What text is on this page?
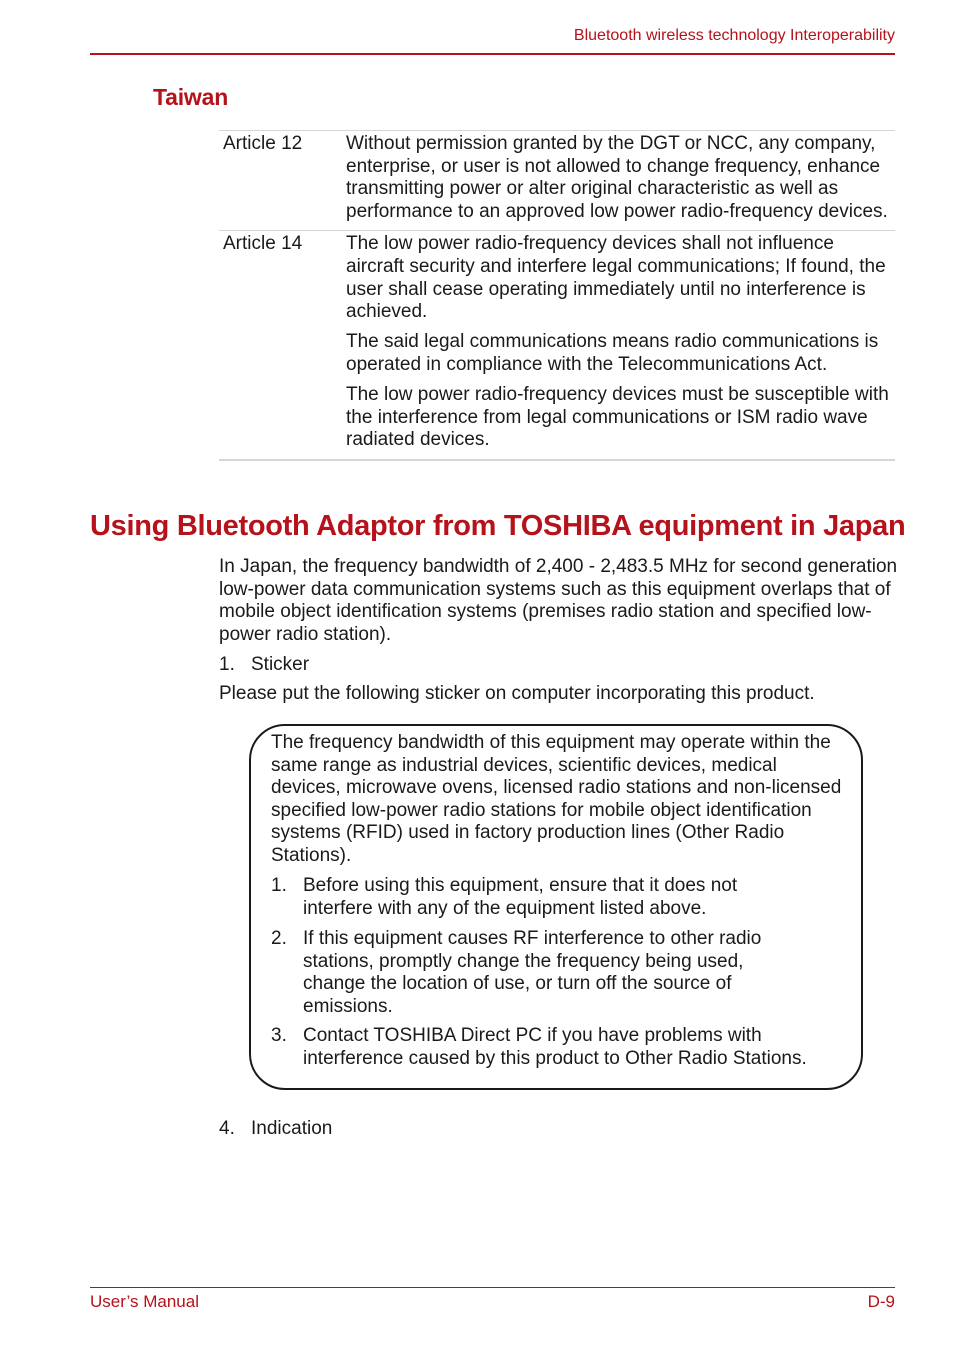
Bluetooth wireless technology Interoperability
Taiwan
Article 12	Without permission granted by the DGT or NCC, any company, enterprise, or user is not allowed to change frequency, enhance transmitting power or alter original characteristic as well as performance to an approved low power radio-frequency devices.

Article 14	The low power radio-frequency devices shall not influence aircraft security and interfere legal communications; If found, the user shall cease operating immediately until no interference is achieved.

The said legal communications means radio communications is operated in compliance with the Telecommunications Act.

The low power radio-frequency devices must be susceptible with the interference from legal communications or ISM radio wave radiated devices.

Using Bluetooth Adaptor from TOSHIBA equipment in Japan
In Japan, the frequency bandwidth of 2,400 - 2,483.5 MHz for second generation low-power data communication systems such as this equipment overlaps that of mobile object identification systems (premises radio station and specified low-power radio station).
1. Sticker
Please put the following sticker on computer incorporating this product.
The frequency bandwidth of this equipment may operate within the same range as industrial devices, scientific devices, medical devices, microwave ovens, licensed radio stations and non-licensed specified low-power radio stations for mobile object identification systems (RFID) used in factory production lines (Other Radio Stations).
1. Before using this equipment, ensure that it does not interfere with any of the equipment listed above.
2. If this equipment causes RF interference to other radio stations, promptly change the frequency being used, change the location of use, or turn off the source of emissions.
3. Contact TOSHIBA Direct PC if you have problems with interference caused by this product to Other Radio Stations.
4. Indication
User’s Manual	D-9
